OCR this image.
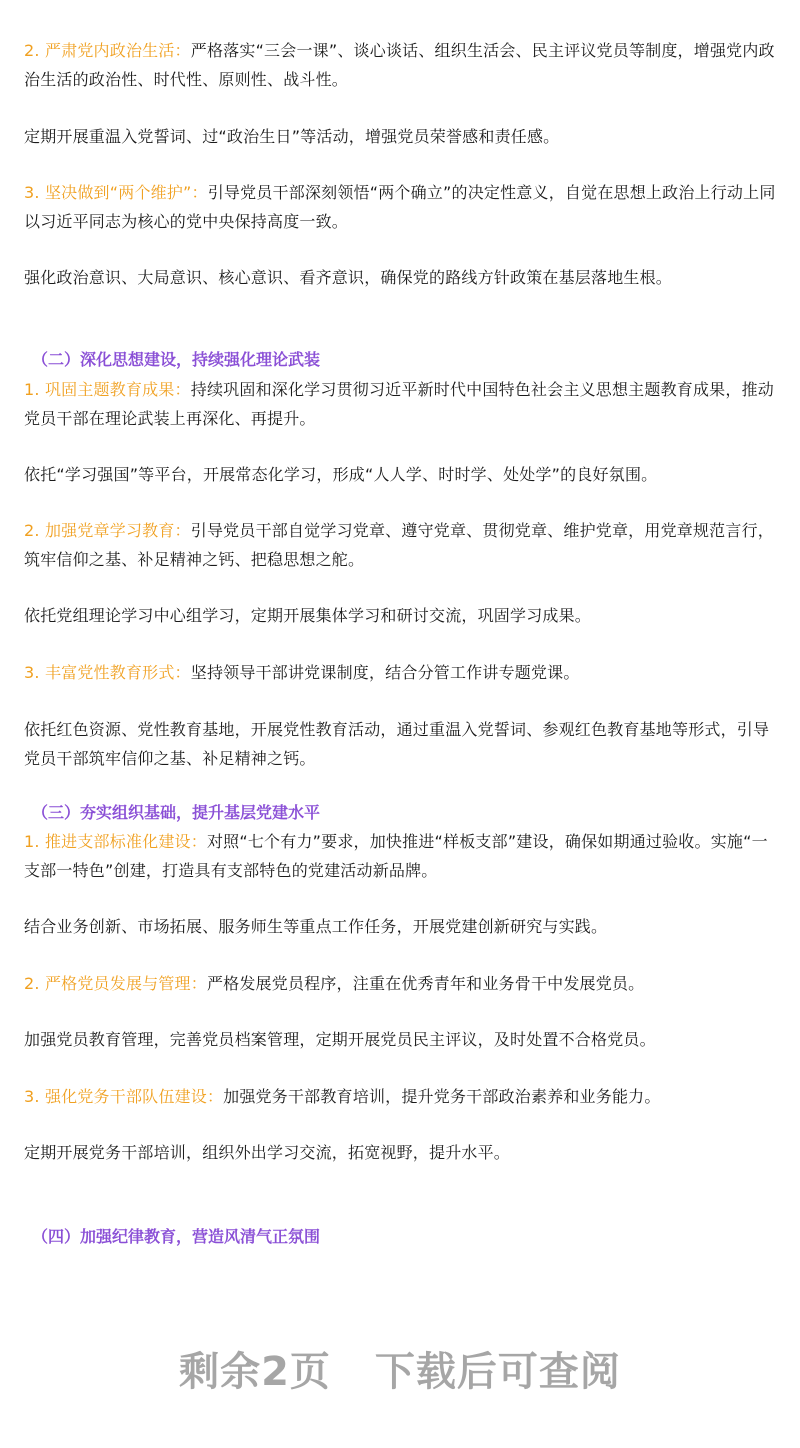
2. 严肃党内政治生活：严格落实“三会一课”、谈心谈话、组织生活会、民主评议党员等制度，增强党内政治生活的政治性、时代性、原则性、战斗性。

定期开展重温入党誓词、过“政治生日”等活动，增强党员荣誉感和责任感。

3. 坚决做到“两个维护”：引导党员干部深刻领悟“两个确立”的决定性意义，自觉在思想上政治上行动上同以习近平同志为核心的党中央保持高度一致。

强化政治意识、大局意识、核心意识、看齐意识，确保党的路线方针政策在基层落地生根。

（二）深化思想建设，持续强化理论武装

1. 巩固主题教育成果：持续巩固和深化学习贯彻习近平新时代中国特色社会主义思想主题教育成果，推动党员干部在理论武装上再深化、再提升。

依托“学习强国”等平台，开展常态化学习，形成“人人学、时时学、处处学”的良好氛围。

2. 加强党章学习教育：引导党员干部自觉学习党章、遵守党章、贯彻党章、维护党章，用党章规范言行，筑牢信仰之基、补足精神之钙、把稳思想之舵。

依托党组理论学习中心组学习，定期开展集体学习和研讨交流，巩固学习成果。

3. 丰富党性教育形式：坚持领导干部讲党课制度，结合分管工作讲专题党课。

依托红色资源、党性教育基地，开展党性教育活动，通过重温入党誓词、参观红色教育基地等形式，引导党员干部筑牢信仰之基、补足精神之钙。

（三）夯实组织基础，提升基层党建水平

1. 推进支部标准化建设：对照“七个有力”要求，加快推进“样板支部”建设，确保如期通过验收。实施“一支部一特色”创建，打造具有支部特色的党建活动新品牌。

结合业务创新、市场拓展、服务师生等重点工作任务，开展党建创新研究与实践。

2. 严格党员发展与管理：严格发展党员程序，注重在优秀青年和业务骨干中发展党员。

加强党员教育管理，完善党员档案管理，定期开展党员民主评议，及时处置不合格党员。

3. 强化党务干部队伍建设：加强党务干部教育培训，提升党务干部政治素养和业务能力。

定期开展党务干部培训，组织外出学习交流，拓宽视野，提升水平。

（四）加强纪律教育，营造风清气正氛围
剩余2页 下载后可查阅
